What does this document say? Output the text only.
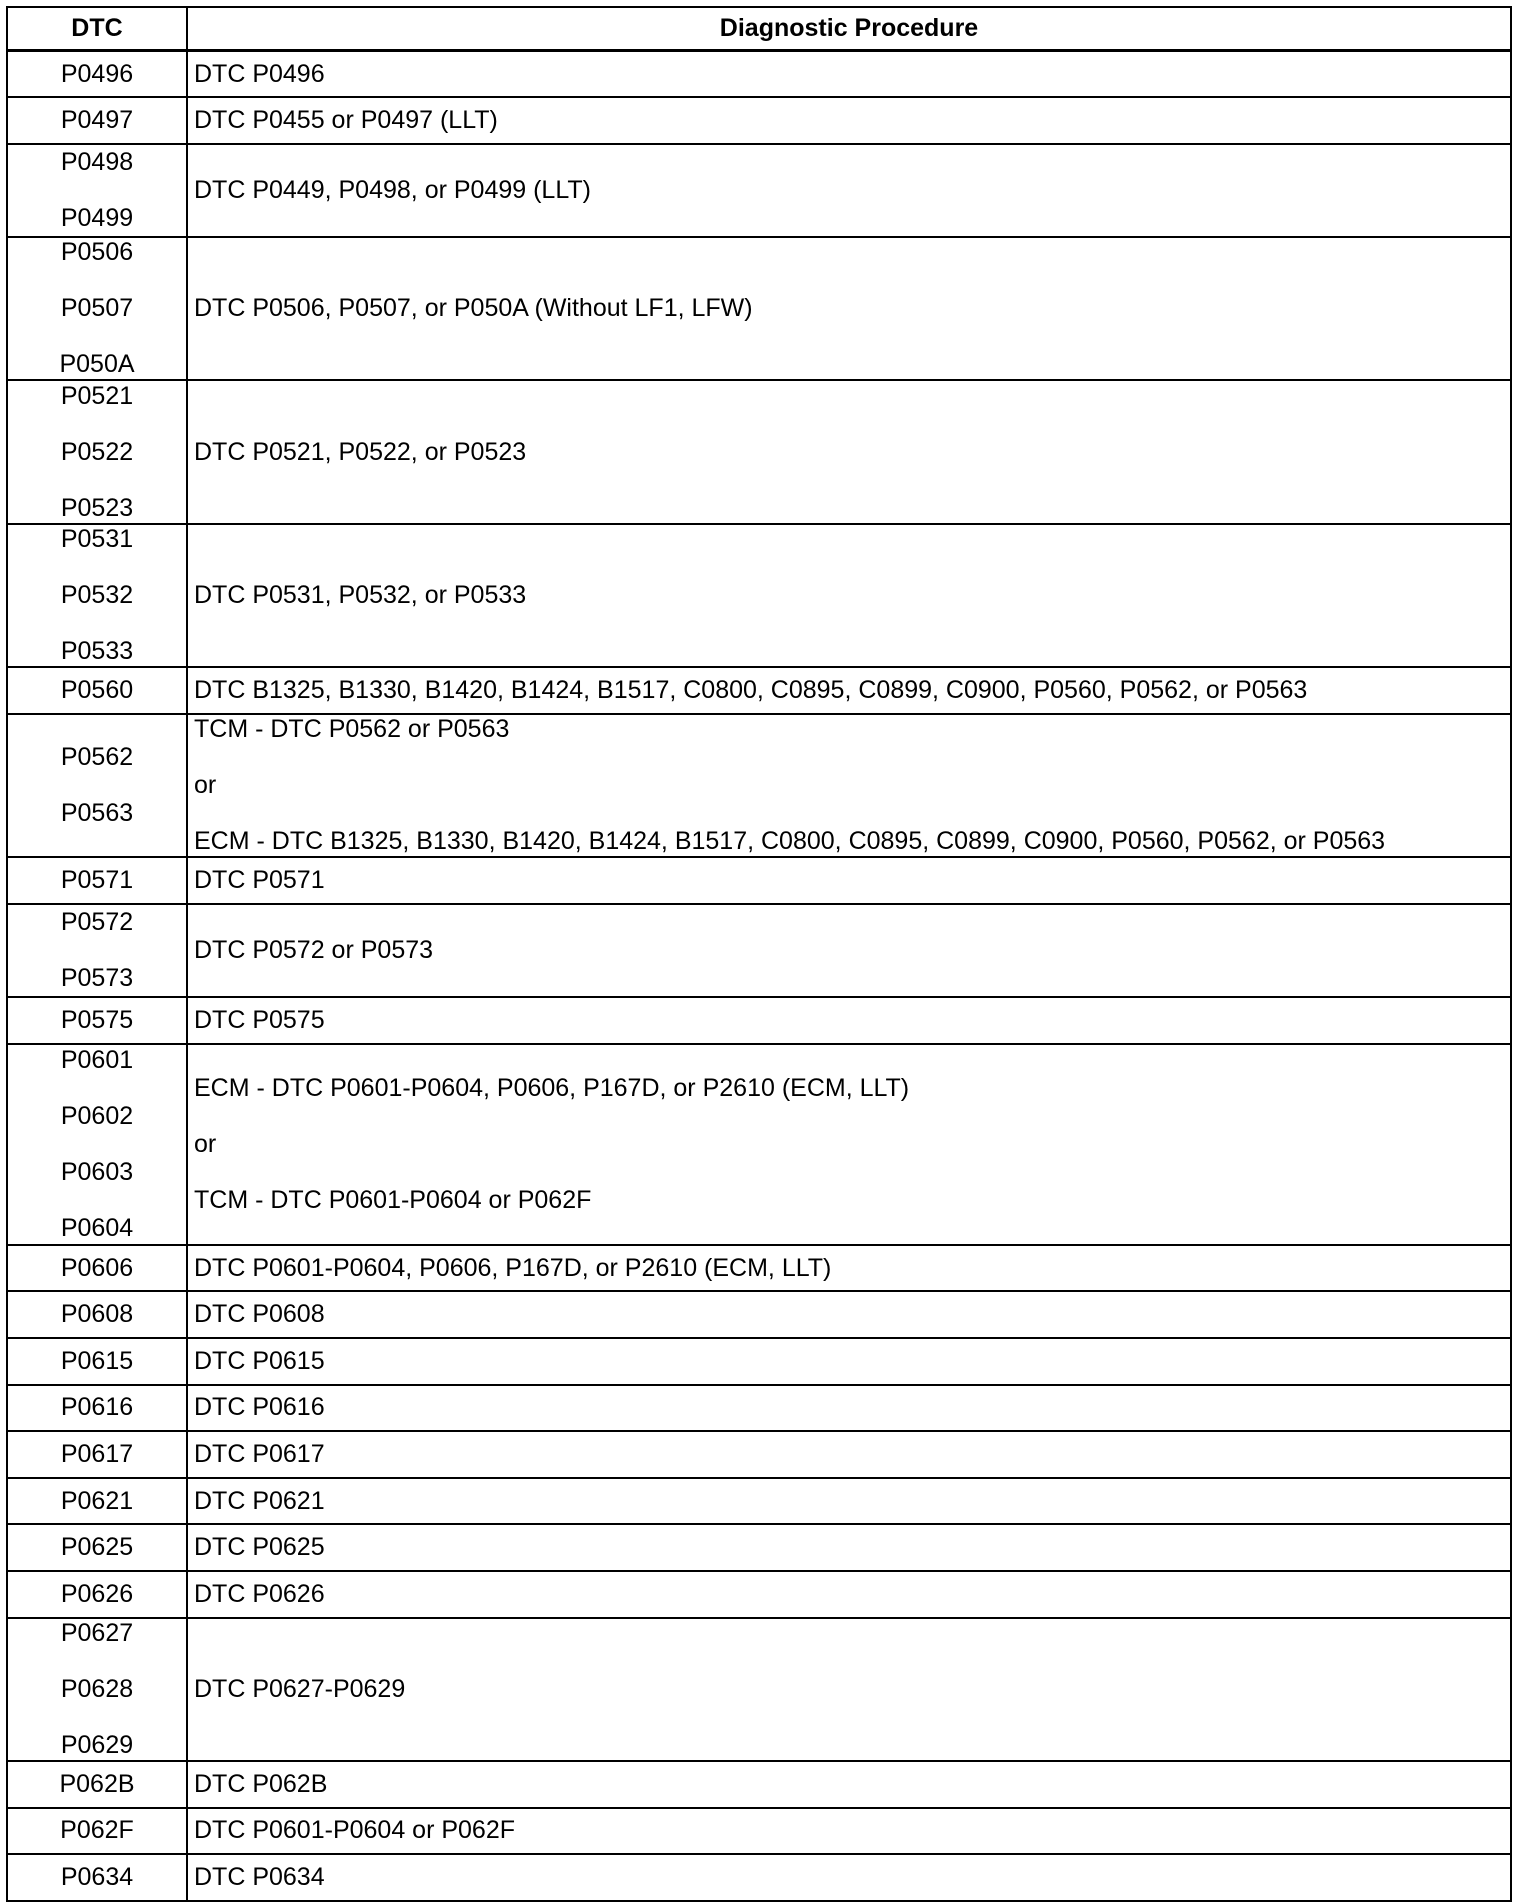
DTC	Diagnostic Procedure

P0496	DTC P0496

P0497	DTC P0455 or P0497 (LLT)

P0498
P0499	DTC P0449, P0498, or P0499 (LLT)

P0506
P0507
P050A	DTC P0506, P0507, or P050A (Without LF1, LFW)

P0521
P0522
P0523	DTC P0521, P0522, or P0523

P0531
P0532
P0533	DTC P0531, P0532, or P0533

P0560	DTC B1325, B1330, B1420, B1424, B1517, C0800, C0895, C0899, C0900, P0560, P0562, or P0563

P0562
P0563	TCM - DTC P0562 or P0563
or
ECM - DTC B1325, B1330, B1420, B1424, B1517, C0800, C0895, C0899, C0900, P0560, P0562, or P0563

P0571	DTC P0571

P0572
P0573	DTC P0572 or P0573

P0575	DTC P0575

P0601
P0602
P0603
P0604	ECM - DTC P0601-P0604, P0606, P167D, or P2610 (ECM, LLT)
or
TCM - DTC P0601-P0604 or P062F

P0606	DTC P0601-P0604, P0606, P167D, or P2610 (ECM, LLT)

P0608	DTC P0608

P0615	DTC P0615

P0616	DTC P0616

P0617	DTC P0617

P0621	DTC P0621

P0625	DTC P0625

P0626	DTC P0626

P0627
P0628
P0629	DTC P0627-P0629

P062B	DTC P062B

P062F	DTC P0601-P0604 or P062F

P0634	DTC P0634
